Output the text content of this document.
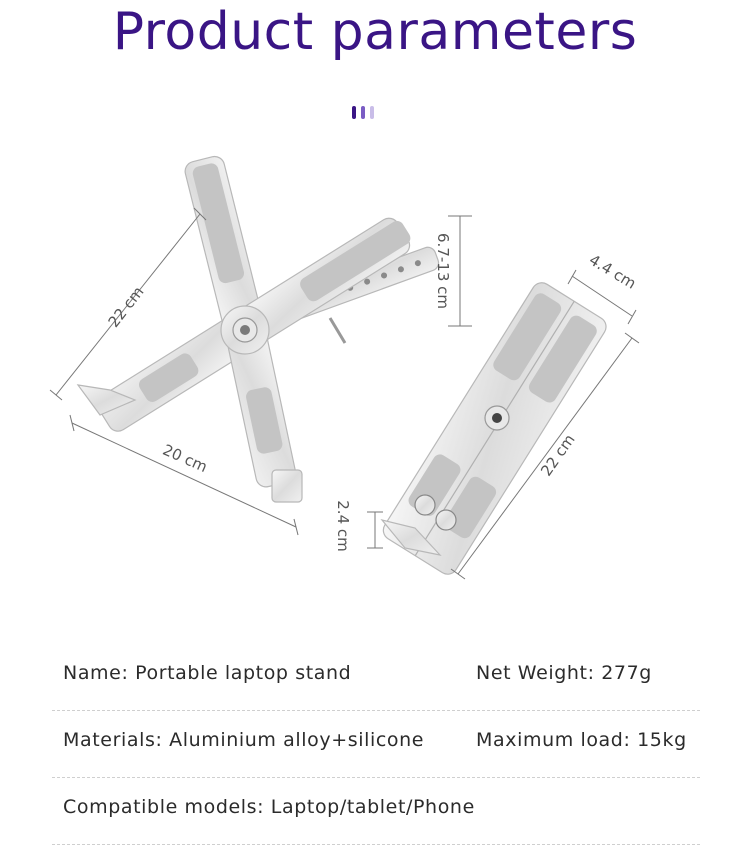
Product parameters
22 cm
20 cm
6.7-13 cm	4.4 cm
22 cm
2.4 cm
Name: Portable laptop stand	Net Weight: 277g
Materials: Aluminium alloy+silicone	Maximum load: 15kg
Compatible models: Laptop/tablet/Phone
